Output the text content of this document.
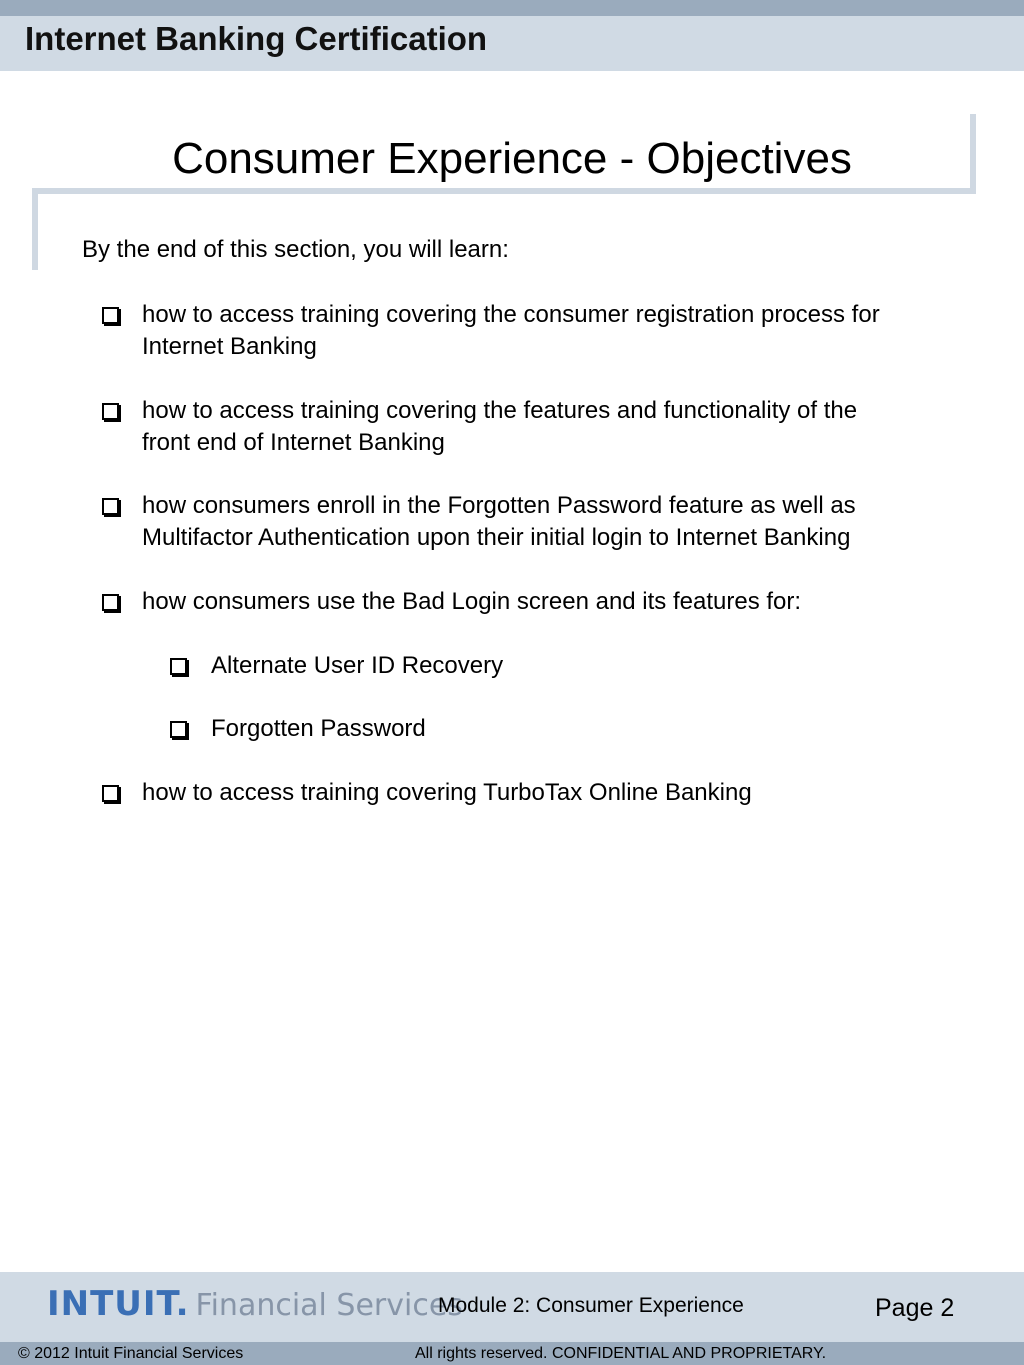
Internet Banking Certification
Consumer Experience - Objectives
By the end of this section, you will learn:
how to access training covering the consumer registration process for
Internet Banking
how to access training covering the features and functionality of the
front end of Internet Banking
how consumers enroll in the Forgotten Password feature as well as
Multifactor Authentication upon their initial login to Internet Banking
how consumers use the Bad Login screen and its features for:
Alternate User ID Recovery
Forgotten Password
how to access training covering TurboTax Online Banking
INTUIT. Financial Services
Module 2: Consumer Experience	Page 2
© 2012 Intuit Financial Services	All rights reserved. CONFIDENTIAL AND PROPRIETARY.
